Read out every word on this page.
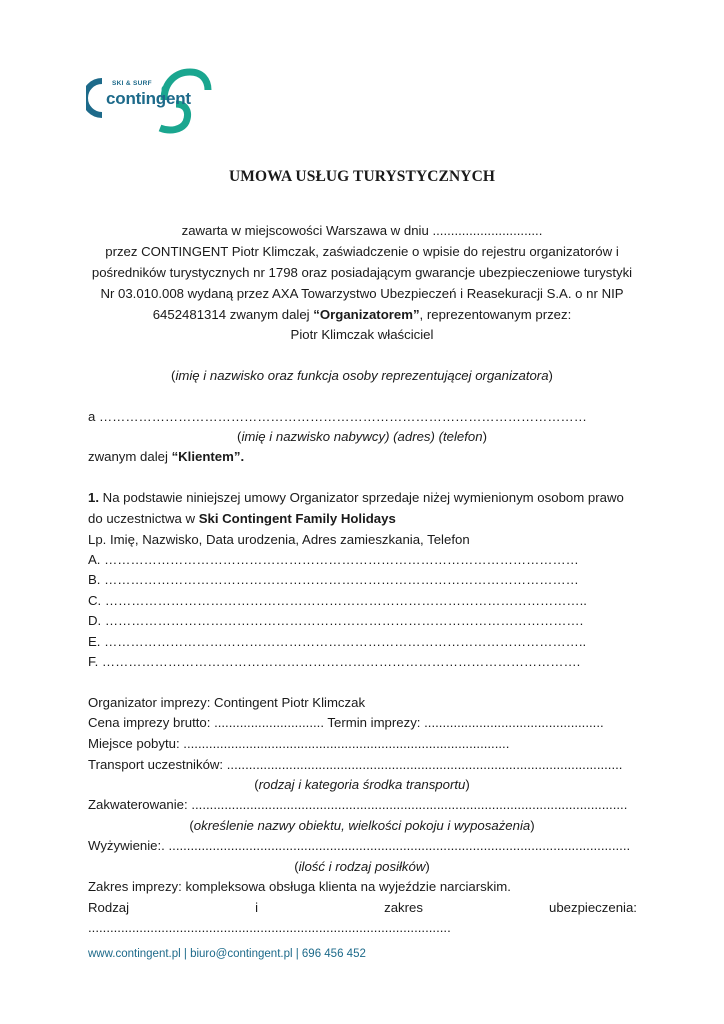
SKI & SURF
contingent
UMOWA USŁUG TURYSTYCZNYCH
zawarta w miejscowości Warszawa w dniu ..............................
przez CONTINGENT Piotr Klimczak, zaświadczenie o wpisie do rejestru organizatorów i
pośredników turystycznych nr 1798 oraz posiadającym gwarancje ubezpieczeniowe turystyki
Nr 03.010.008 wydaną przez AXA Towarzystwo Ubezpieczeń i Reasekuracji S.A. o nr NIP
6452481314 zwanym dalej “Organizatorem”, reprezentowanym przez:
Piotr Klimczak właściciel
(imię i nazwisko oraz funkcja osoby reprezentującej organizatora)
a …………………………………………………………………………………………………
(imię i nazwisko nabywcy) (adres) (telefon)
zwanym dalej “Klientem”.
1. Na podstawie niniejszej umowy Organizator sprzedaje niżej wymienionym osobom prawo
do uczestnictwa w Ski Contingent Family Holidays
Lp. Imię, Nazwisko, Data urodzenia, Adres zamieszkania, Telefon
A. ………………………………………………………………………………………………
B. ………………………………………………………………………………………………
C. ………………………………………………………………………………………………..
D. ……………………………………………………………………………………………….
E. ………………………………………………………………………………………………..
F. ……………………………………………………………………………………………….
Organizator imprezy: Contingent Piotr Klimczak
Cena imprezy brutto: .............................. Termin imprezy: .................................................
Miejsce pobytu: .........................................................................................
Transport uczestników: ............................................................................................................
(rodzaj i kategoria środka transportu)
Zakwaterowanie: .......................................................................................................................
(określenie nazwy obiektu, wielkości pokoju i wyposażenia)
Wyżywienie:. ..............................................................................................................................
(ilość i rodzaj posiłków)
Zakres imprezy: kompleksowa obsługa klienta na wyjeździe narciarskim.
Rodzaj	i	zakres	ubezpieczenia:
...................................................................................................
www.contingent.pl | biuro@contingent.pl | 696 456 452
